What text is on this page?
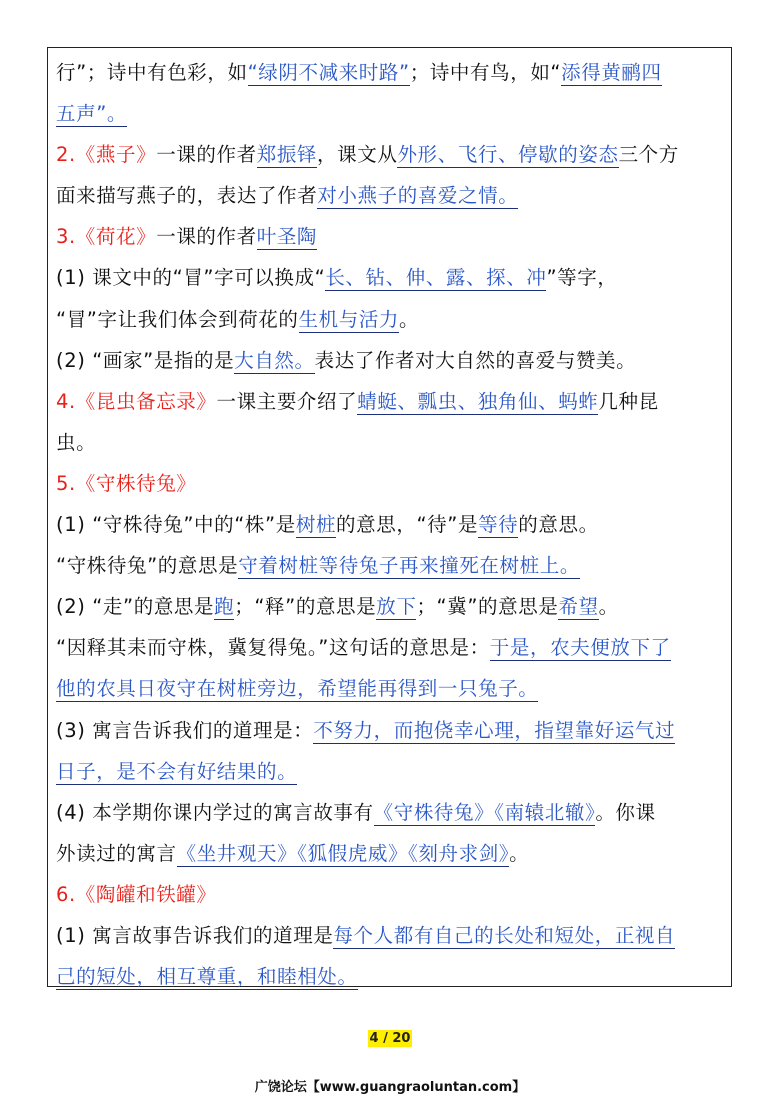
行”；诗中有色彩，如“绿阴不减来时路”；诗中有鸟，如“添得黄鹂四
五声”。
2.《燕子》一课的作者郑振铎，课文从外形、飞行、停歇的姿态三个方
面来描写燕子的，表达了作者对小燕子的喜爱之情。
3.《荷花》一课的作者叶圣陶
(1) 课文中的“冒”字可以换成“长、钻、伸、露、探、冲”等字，
“冒”字让我们体会到荷花的生机与活力。
(2) “画家”是指的是大自然。表达了作者对大自然的喜爱与赞美。
4.《昆虫备忘录》一课主要介绍了蜻蜓、瓢虫、独角仙、蚂蚱几种昆
虫。
5.《守株待兔》
(1) “守株待兔”中的“株”是树桩的意思，“待”是等待的意思。
“守株待兔”的意思是守着树桩等待兔子再来撞死在树桩上。
(2) “走”的意思是跑；“释”的意思是放下；“冀”的意思是希望。
“因释其耒而守株，冀复得兔。”这句话的意思是：于是，农夫便放下了
他的农具日夜守在树桩旁边，希望能再得到一只兔子。
(3) 寓言告诉我们的道理是：不努力，而抱侥幸心理，指望靠好运气过
日子，是不会有好结果的。
(4) 本学期你课内学过的寓言故事有《守株待兔》《南辕北辙》。你课
外读过的寓言《坐井观天》《狐假虎威》《刻舟求剑》。
6.《陶罐和铁罐》
(1) 寓言故事告诉我们的道理是每个人都有自己的长处和短处，正视自
己的短处，相互尊重，和睦相处。
4 / 20
广饶论坛【www.guangraoluntan.com】
